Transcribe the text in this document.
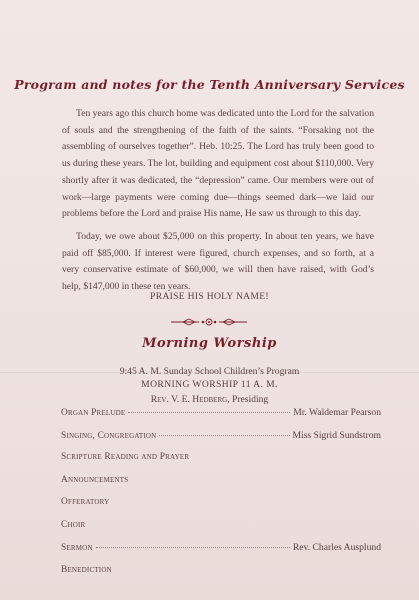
Program and notes for the Tenth Anniversary Services
Ten years ago this church home was dedicated unto the Lord for the salvation of souls and the strengthening of the faith of the saints. “Forsaking not the assembling of ourselves together”. Heb. 10:25. The Lord has truly been good to us during these years. The lot, building and equipment cost about $110,000. Very shortly after it was dedicated, the “depression” came. Our members were out of work—large payments were coming due—things seemed dark—we laid our problems before the Lord and praise His name, He saw us through to this day.
Today, we owe about $25,000 on this property. In about ten years, we have paid off $85,000. If interest were figured, church expenses, and so forth, at a very conservative estimate of $60,000, we will then have raised, with God’s help, $147,000 in these ten years.
PRAISE HIS HOLY NAME!
Morning Worship
9:45 A. M. Sunday School Children’s Program
MORNING WORSHIP 11 A. M.
Rev. V. E. Hedberg, Presiding
Organ Prelude	Mr. Waldemar Pearson
Singing, Congregation	Miss Sigrid Sundstrom
Scripture Reading and Prayer
Announcements
Offeratory
Choir
Sermon	Rev. Charles Ausplund
Benediction
